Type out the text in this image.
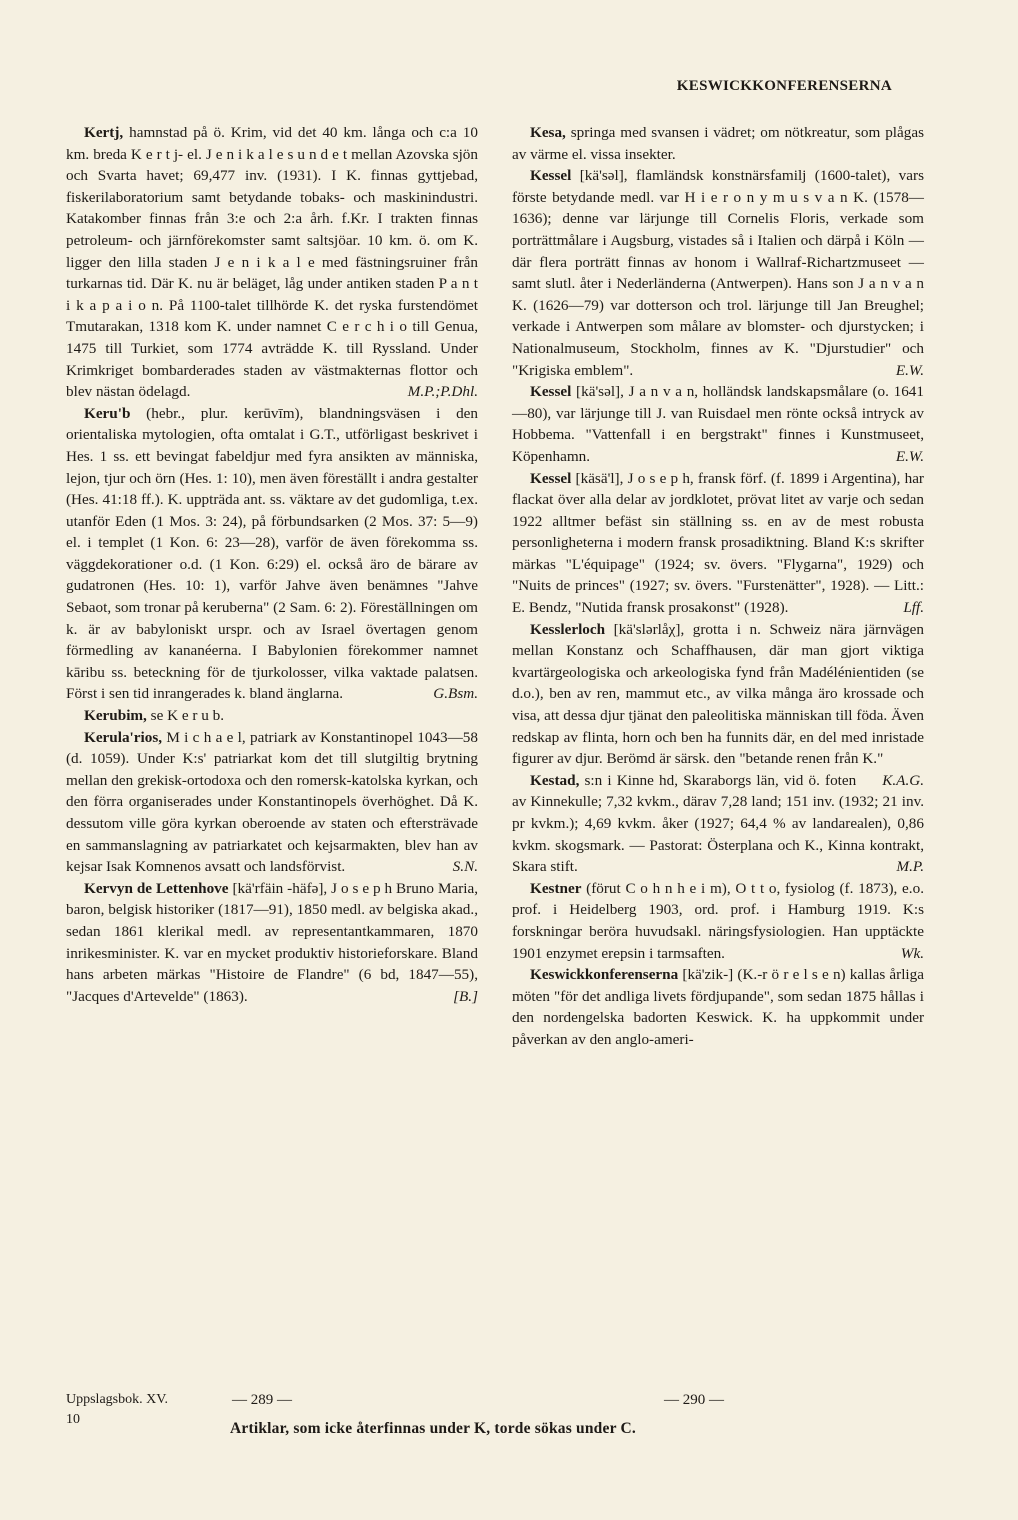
KESWICKKONFERENSERNA

Kertj, hamnstad på ö. Krim, vid det 40 km. långa och c:a 10 km. breda K e r t j- el. J e n i k a l e s u n d e t mellan Azovska sjön och Svarta havet; 69,477 inv. (1931). I K. finnas gyttjebad, fiskerilaboratorium samt betydande tobaks- och maskinindustri. Katakomber finnas från 3:e och 2:a årh. f.Kr. I trakten finnas petroleum- och järnförekomster samt saltsjöar. 10 km. ö. om K. ligger den lilla staden J e n i k a l e med fästningsruiner från turkarnas tid. Där K. nu är beläget, låg under antiken staden P a n t i k a p a i o n. På 1100-talet tillhörde K. det ryska furstendömet Tmutarakan, 1318 kom K. under namnet C e r c h i o till Genua, 1475 till Turkiet, som 1774 avträdde K. till Ryssland. Under Krimkriget bombarderades staden av västmakternas flottor och blev nästan ödelagd.	M.P.;P.Dhl.

Keru'b (hebr., plur. kerūvīm), blandningsväsen i den orientaliska mytologien, ofta omtalat i G.T., utförligast beskrivet i Hes. 1 ss. ett bevingat fabeldjur med fyra ansikten av människa, lejon, tjur och örn (Hes. 1: 10), men även föreställt i andra gestalter (Hes. 41:18 ff.). K. uppträda ant. ss. väktare av det gudomliga, t.ex. utanför Eden (1 Mos. 3: 24), på förbundsarken (2 Mos. 37: 5—9) el. i templet (1 Kon. 6: 23—28), varför de även förekomma ss. väggdekorationer o.d. (1 Kon. 6:29) el. också äro de bärare av gudatronen (Hes. 10: 1), varför Jahve även benämnes "Jahve Sebaot, som tronar på keruberna" (2 Sam. 6: 2). Föreställningen om k. är av babyloniskt urspr. och av Israel övertagen genom förmedling av kananéerna. I Babylonien förekommer namnet kāribu ss. beteckning för de tjurkolosser, vilka vaktade palatsen. Först i sen tid inrangerades k. bland änglarna.	G.Bsm.

Kerubim, se K e r u b.

Kerula'rios, M i c h a e l, patriark av Konstantinopel 1043—58 (d. 1059). Under K:s' patriarkat kom det till slutgiltig brytning mellan den grekisk-ortodoxa och den romersk-katolska kyrkan, och den förra organiserades under Konstantinopels överhöghet. Då K. dessutom ville göra kyrkan oberoende av staten och eftersträvade en sammanslagning av patriarkatet och kejsarmakten, blev han av kejsar Isak Komnenos avsatt och landsförvist.	S.N.

Kervyn de Lettenhove [kä'rfäin -häfə], J o s e p h Bruno Maria, baron, belgisk historiker (1817—91), 1850 medl. av belgiska akad., sedan 1861 klerikal medl. av representantkammaren, 1870 inrikesminister. K. var en mycket produktiv historieforskare. Bland hans arbeten märkas "Histoire de Flandre" (6 bd, 1847—55), "Jacques d'Artevelde" (1863).	[B.]

Kesa, springa med svansen i vädret; om nötkreatur, som plågas av värme el. vissa insekter.

Kessel [kä'səl], flamländsk konstnärsfamilj (1600-talet), vars förste betydande medl. var H i e r o n y m u s v a n K. (1578—1636); denne var lärjunge till Cornelis Floris, verkade som porträttmålare i Augsburg, vistades så i Italien och därpå i Köln — där flera porträtt finnas av honom i Wallraf-Richartzmuseet — samt slutl. åter i Nederländerna (Antwerpen). Hans son J a n v a n K. (1626—79) var dotterson och trol. lärjunge till Jan Breughel; verkade i Antwerpen som målare av blomster- och djurstycken; i Nationalmuseum, Stockholm, finnes av K. "Djurstudier" och "Krigiska emblem".	E.W.

Kessel [kä'səl], J a n v a n, holländsk landskapsmålare (o. 1641—80), var lärjunge till J. van Ruisdael men rönte också intryck av Hobbema. "Vattenfall i en bergstrakt" finnes i Kunstmuseet, Köpenhamn.	E.W.

Kessel [käsä'l], J o s e p h, fransk förf. (f. 1899 i Argentina), har flackat över alla delar av jordklotet, prövat litet av varje och sedan 1922 alltmer befäst sin ställning ss. en av de mest robusta personligheterna i modern fransk prosadiktning. Bland K:s skrifter märkas "L'équipage" (1924; sv. övers. "Flygarna", 1929) och "Nuits de princes" (1927; sv. övers. "Furstenätter", 1928). — Litt.: E. Bendz, "Nutida fransk prosakonst" (1928).	Lff.

Kesslerloch [kä'slərlåχ], grotta i n. Schweiz nära järnvägen mellan Konstanz och Schaffhausen, där man gjort viktiga kvartärgeologiska och arkeologiska fynd från Madélénientiden (se d.o.), ben av ren, mammut etc., av vilka många äro krossade och visa, att dessa djur tjänat den paleolitiska människan till föda. Även redskap av flinta, horn och ben ha funnits där, en del med inristade figurer av djur. Berömd är särsk. den "betande renen från K."
K.A.G.

Kestad, s:n i Kinne hd, Skaraborgs län, vid ö. foten av Kinnekulle; 7,32 kvkm., därav 7,28 land; 151 inv. (1932; 21 inv. pr kvkm.); 4,69 kvkm. åker (1927; 64,4 % av landarealen), 0,86 kvkm. skogsmark. — Pastorat: Österplana och K., Kinna kontrakt, Skara stift.	M.P.

Kestner (förut C o h n h e i m), O t t o, fysiolog (f. 1873), e.o. prof. i Heidelberg 1903, ord. prof. i Hamburg 1919. K:s forskningar beröra huvudsakl. näringsfysiologien. Han upptäckte 1901 enzymet erepsin i tarmsaften.	Wk.

Keswickkonferenserna [kä'zik-] (K.-r ö r e l s e n) kallas årliga möten "för det andliga livets fördjupande", som sedan 1875 hållas i den nordengelska badorten Keswick. K. ha uppkommit under påverkan av den anglo-ameri-

Uppslagsbok. XV.
10
— 289 —	— 290 —
Artiklar, som icke återfinnas under K, torde sökas under C.
